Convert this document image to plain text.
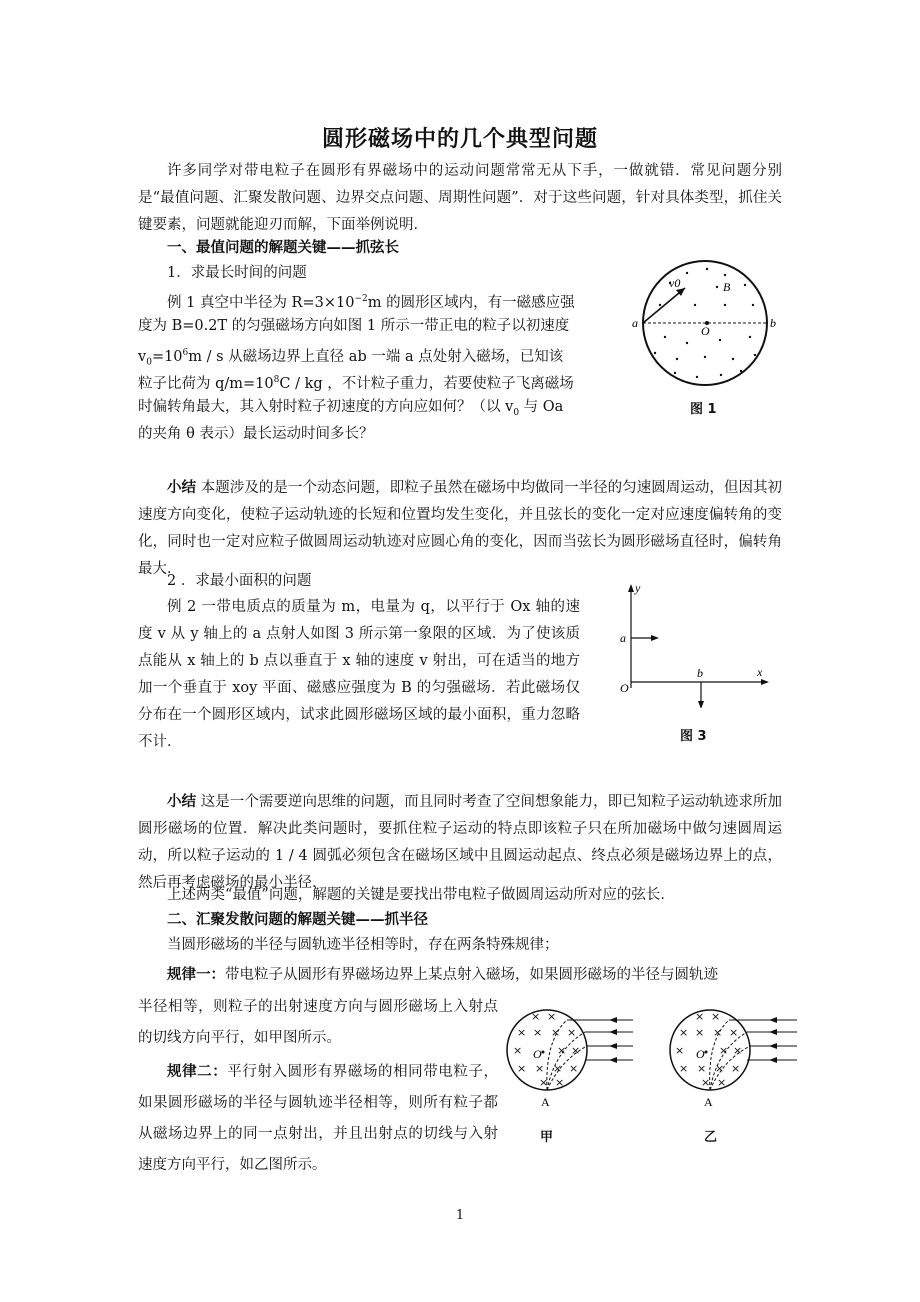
圆形磁场中的几个典型问题

许多同学对带电粒子在圆形有界磁场中的运动问题常常无从下手，一做就错．常见问题分别是“最值问题、汇聚发散问题、边界交点问题、周期性问题”．对于这些问题，针对具体类型，抓住关键要素，问题就能迎刃而解，下面举例说明．

一、最值问题的解题关键——抓弦长

1．求最长时间的问题

例 1 真空中半径为 $R=3\times 10^{-2}m$ 的圆形区域内，有一磁感应强

度为 B=0.2T 的匀强磁场方向如图 1 所示一带正电的粒子以初速度

$v_0=10^6m / s$ 从磁场边界上直径 ab 一端 a 点处射入磁场，已知该

粒子比荷为 $q/m=10^8C$ / kg ，不计粒子重力，若要使粒子飞离磁场

时偏转角最大，其入射时粒子初速度的方向应如何？（以 $v_0$ 与 Oa

的夹角 θ 表示）最长运动时间多长？

a	b
O
v0	B
图 1

小结 本题涉及的是一个动态问题，即粒子虽然在磁场中均做同一半径的匀速圆周运动，但因其初速度方向变化，使粒子运动轨迹的长短和位置均发生变化，并且弦长的变化一定对应速度偏转角的变化，同时也一定对应粒子做圆周运动轨迹对应圆心角的变化，因而当弦长为圆形磁场直径时，偏转角最大．

2 ．求最小面积的问题

例 2 一带电质点的质量为 m，电量为 q，以平行于 Ox 轴的速度 v 从 y 轴上的 a 点射人如图 3 所示第一象限的区域．为了使该质点能从 x 轴上的 b 点以垂直于 x 轴的速度 v 射出，可在适当的地方加一个垂直于 xoy 平面、磁感应强度为 B 的匀强磁场．若此磁场仅分布在一个圆形区域内，试求此圆形磁场区域的最小面积，重力忽略不计．

y
x
a
b
O
图 3

小结 这是一个需要逆向思维的问题，而且同时考查了空间想象能力，即已知粒子运动轨迹求所加圆形磁场的位置．解决此类问题时，要抓住粒子运动的特点即该粒子只在所加磁场中做匀速圆周运动，所以粒子运动的 1 / 4 圆弧必须包含在磁场区域中且圆运动起点、终点必须是磁场边界上的点，然后再考虑磁场的最小半径．

上述两类“最值”问题，解题的关键是要找出带电粒子做圆周运动所对应的弦长．

二、汇聚发散问题的解题关键——抓半径

当圆形磁场的半径与圆轨迹半径相等时，存在两条特殊规律；

规律一：带电粒子从圆形有界磁场边界上某点射入磁场，如果圆形磁场的半径与圆轨迹

半径相等，则粒子的出射速度方向与圆形磁场上入射点的切线方向平行，如甲图所示。

规律二：平行射入圆形有界磁场的相同带电粒子，如果圆形磁场的半径与圆轨迹半径相等，则所有粒子都从磁场边界上的同一点射出，并且出射点的切线与入射速度方向平行，如乙图所示。

× ×
× × × ×
×	× ×
× × × ×
× ×
O
A
甲
× ×
× × × ×
×	× ×
× × × ×
× ×
O
A
乙
1
